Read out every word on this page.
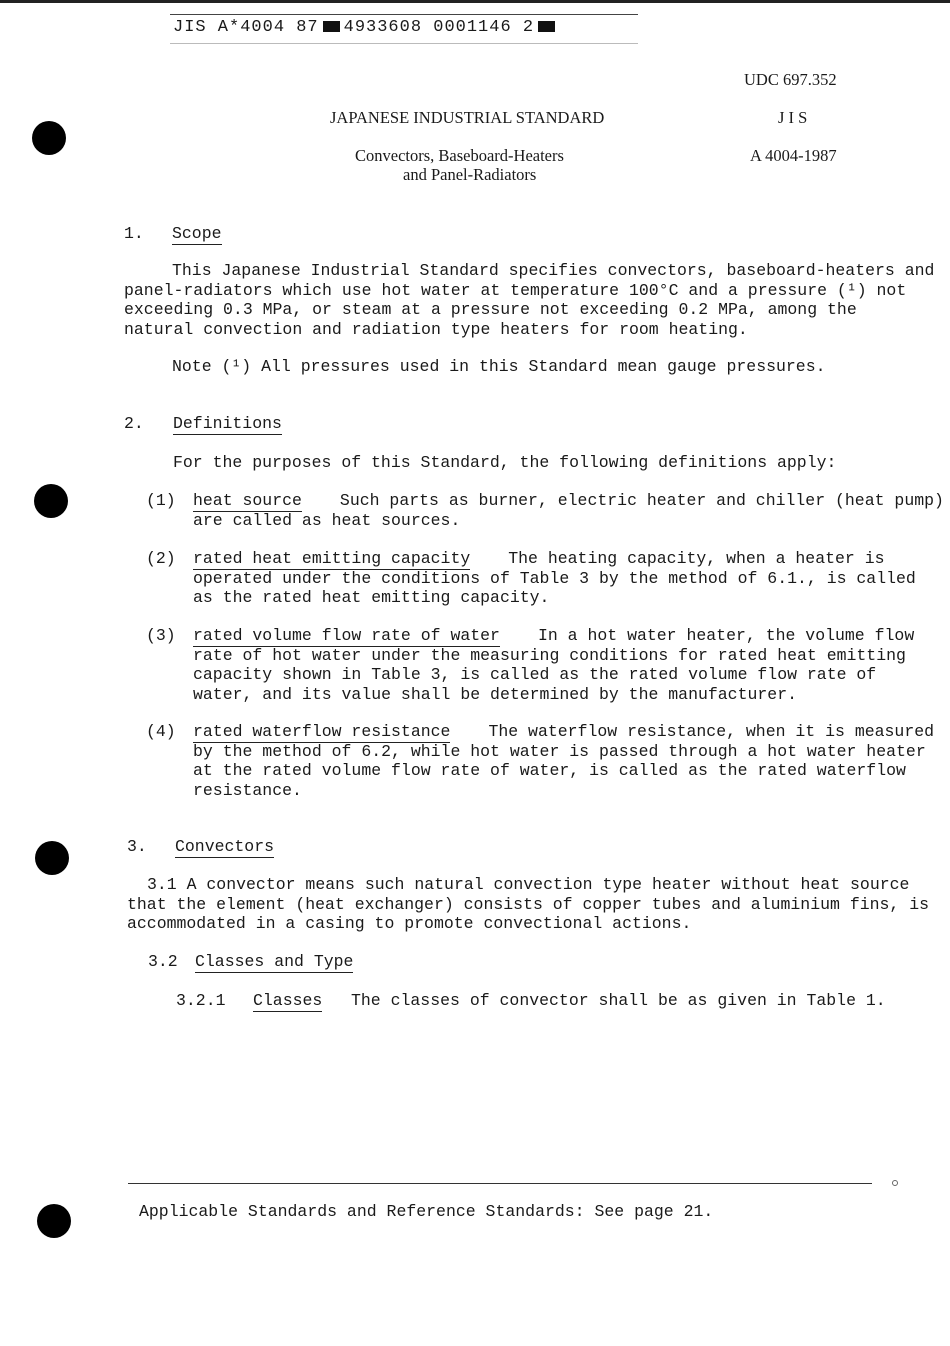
JIS A*4004 87 4933608 0001146 2
UDC 697.352
JAPANESE INDUSTRIAL STANDARD	J I S
Convectors, Baseboard-Heaters
and Panel-Radiators
A 4004-1987
1. Scope
This Japanese Industrial Standard specifies convectors, baseboard-heaters and
panel-radiators which use hot water at temperature 100°C and a pressure (¹) not
exceeding 0.3 MPa, or steam at a pressure not exceeding 0.2 MPa, among the
natural convection and radiation type heaters for room heating.
Note (¹) All pressures used in this Standard mean gauge pressures.
2. Definitions
For the purposes of this Standard, the following definitions apply:
(1) heat source Such parts as burner, electric heater and chiller (heat pump)
are called as heat sources.
(2) rated heat emitting capacity The heating capacity, when a heater is
operated under the conditions of Table 3 by the method of 6.1., is called
as the rated heat emitting capacity.
(3) rated volume flow rate of water In a hot water heater, the volume flow
rate of hot water under the measuring conditions for rated heat emitting
capacity shown in Table 3, is called as the rated volume flow rate of
water, and its value shall be determined by the manufacturer.
(4) rated waterflow resistance The waterflow resistance, when it is measured
by the method of 6.2, while hot water is passed through a hot water heater
at the rated volume flow rate of water, is called as the rated waterflow
resistance.
3. Convectors
3.1 A convector means such natural convection type heater without heat source
that the element (heat exchanger) consists of copper tubes and aluminium fins, is
accommodated in a casing to promote convectional actions.
3.2 Classes and Type
3.2.1 Classes The classes of convector shall be as given in Table 1.
Applicable Standards and Reference Standards: See page 21.
